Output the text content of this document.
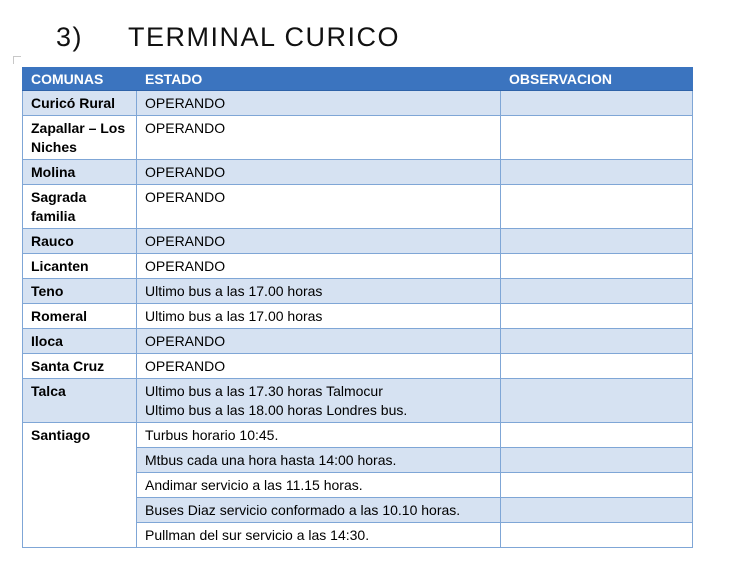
3) TERMINAL CURICO
COMUNAS	ESTADO	OBSERVACION
Curicó Rural	OPERANDO	

Zapallar – Los Niches	OPERANDO	

Molina	OPERANDO	

Sagrada familia	OPERANDO	

Rauco	OPERANDO	

Licanten	OPERANDO	

Teno	Ultimo bus a las 17.00 horas	

Romeral	Ultimo bus a las 17.00 horas	

Iloca	OPERANDO	

Santa Cruz	OPERANDO	

Talca	Ultimo bus a las 17.30 horas Talmocur
Ultimo bus a las 18.00 horas Londres bus.	

Santiago	Turbus horario 10:45.	
	Mtbus cada una hora hasta 14:00 horas.	
	Andimar servicio a las 11.15 horas.	
	Buses Diaz servicio conformado a las 10.10 horas.	
	Pullman del sur servicio a las 14:30.	
